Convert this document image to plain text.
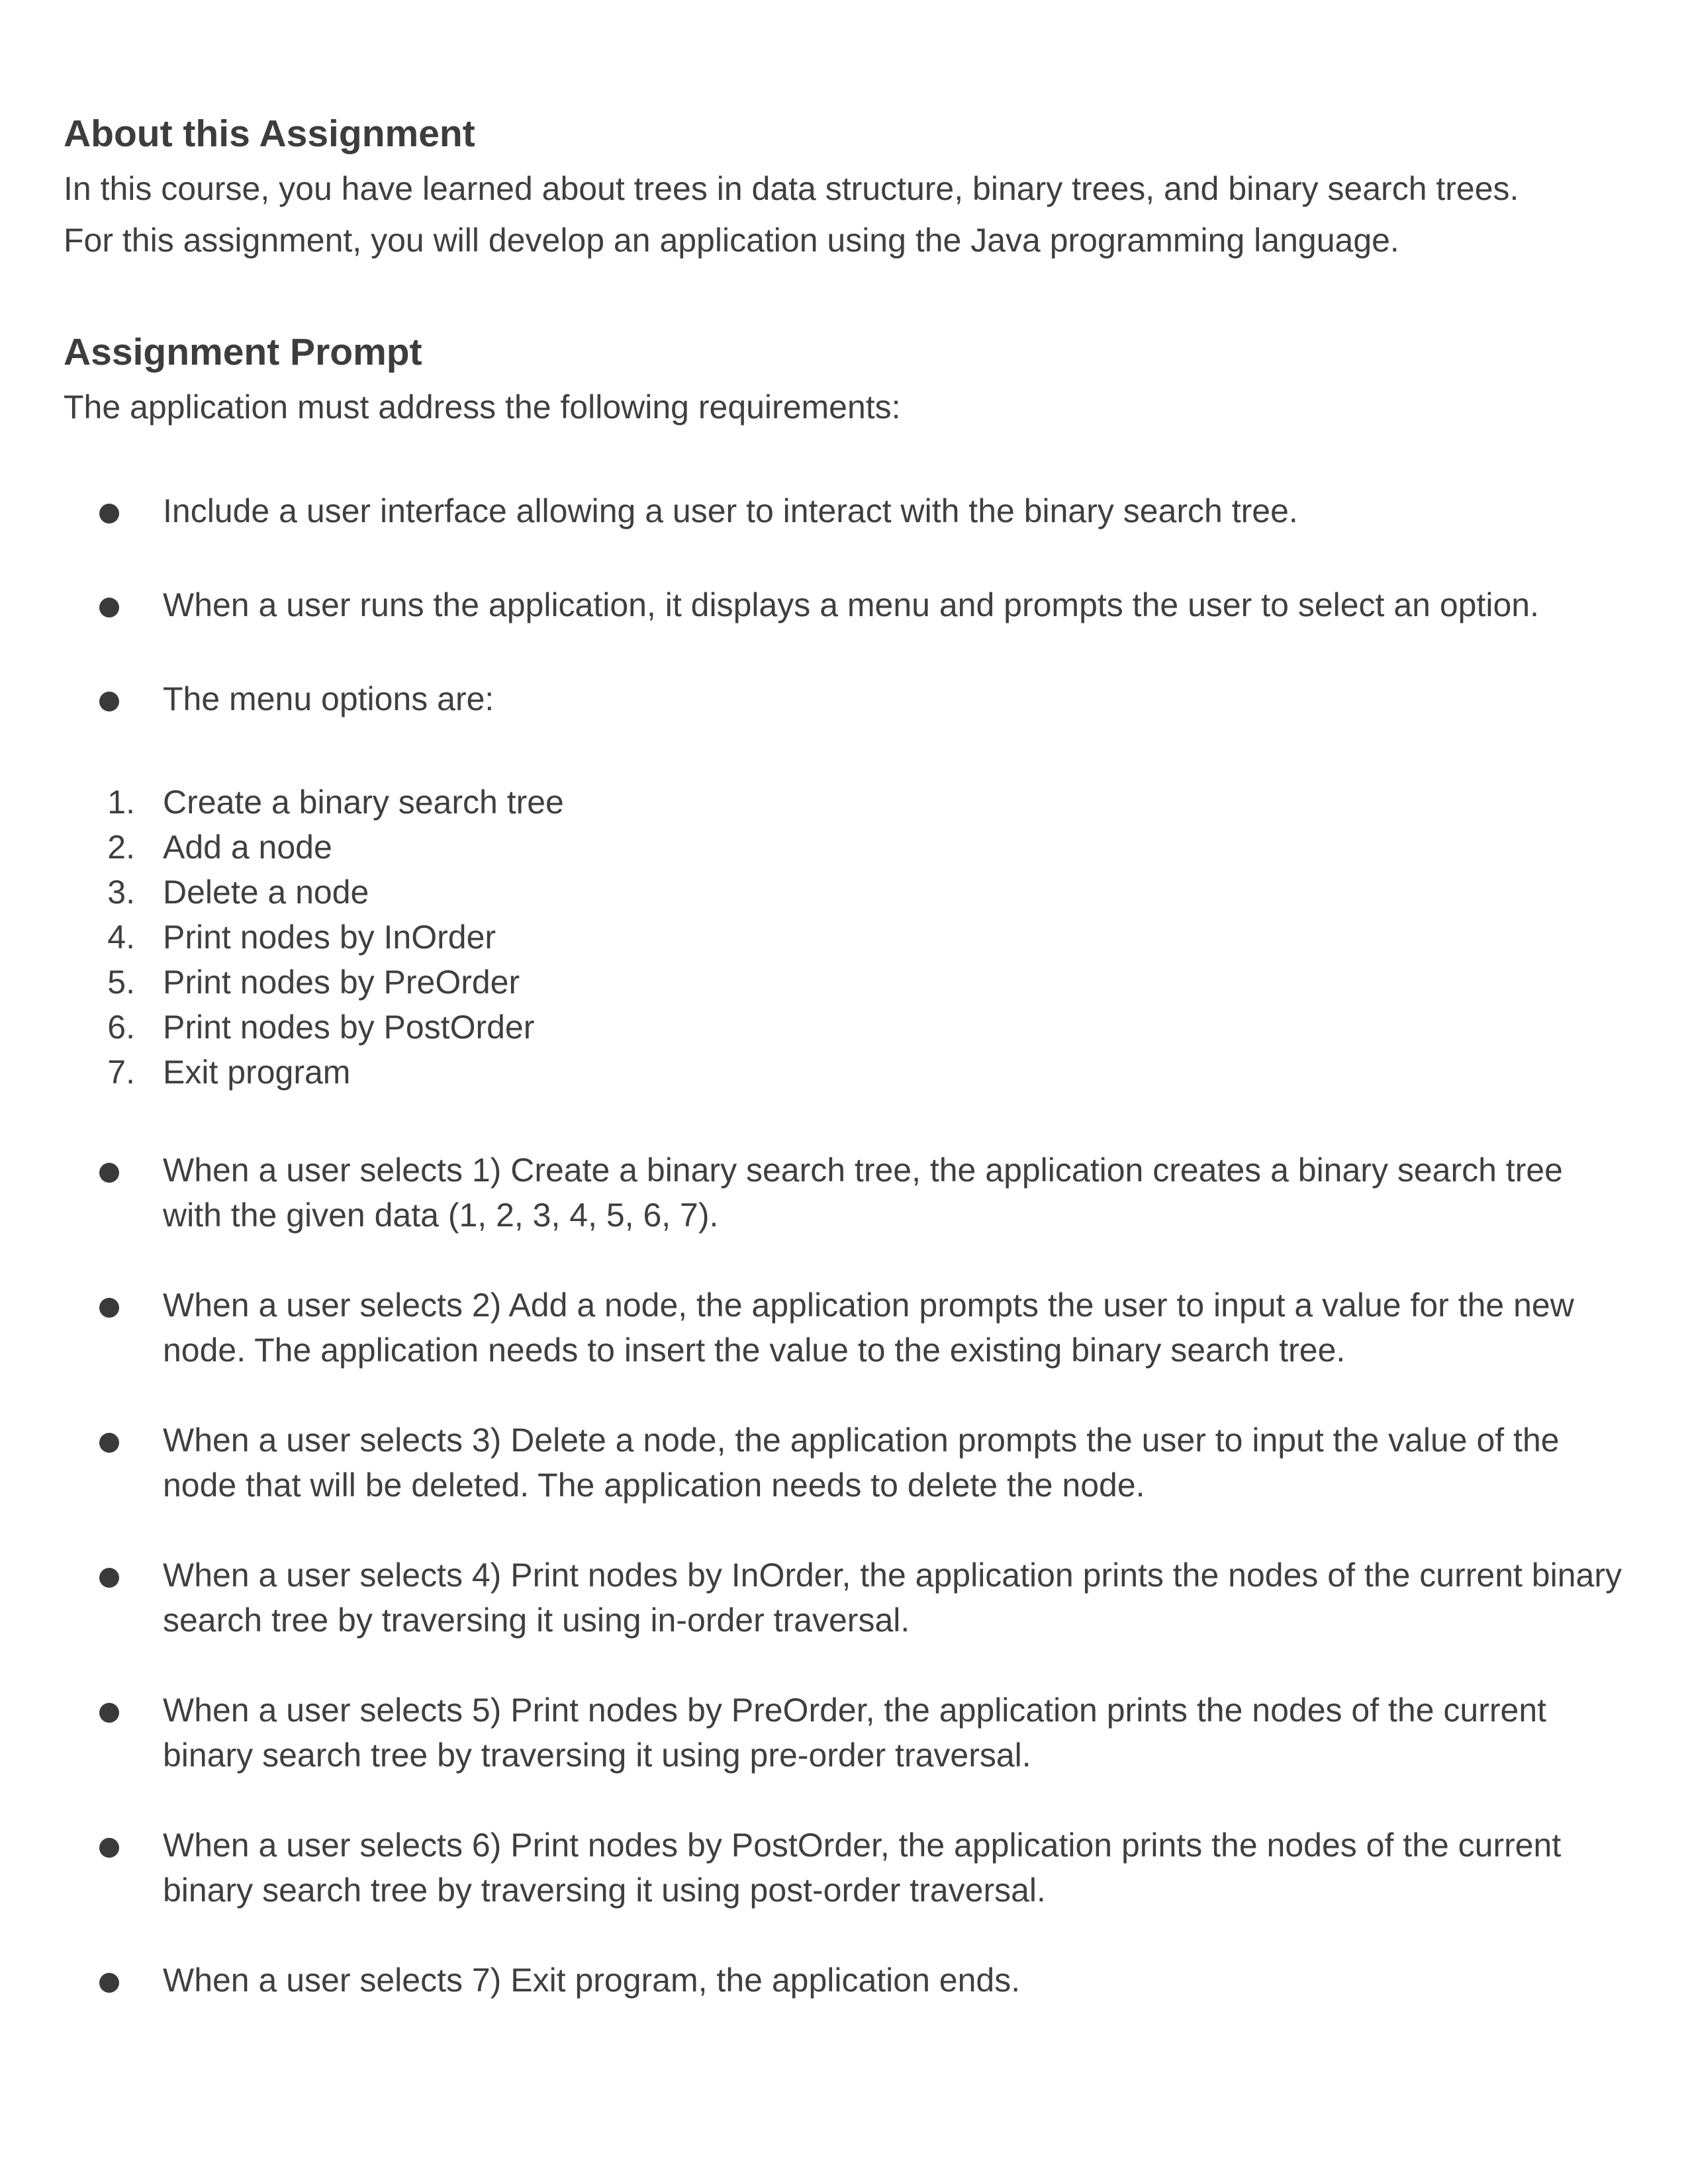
About this Assignment

In this course, you have learned about trees in data structure, binary trees, and binary search trees.

For this assignment, you will develop an application using the Java programming language.

Assignment Prompt

The application must address the following requirements:

Include a user interface allowing a user to interact with the binary search tree.
When a user runs the application, it displays a menu and prompts the user to select an option.
The menu options are:
1. Create a binary search tree
2. Add a node
3. Delete a node
4. Print nodes by InOrder
5. Print nodes by PreOrder
6. Print nodes by PostOrder
7. Exit program
When a user selects 1) Create a binary search tree, the application creates a binary search tree with the given data (1, 2, 3, 4, 5, 6, 7).
When a user selects 2) Add a node, the application prompts the user to input a value for the new node. The application needs to insert the value to the existing binary search tree.
When a user selects 3) Delete a node, the application prompts the user to input the value of the node that will be deleted. The application needs to delete the node.
When a user selects 4) Print nodes by InOrder, the application prints the nodes of the current binary search tree by traversing it using in-order traversal.
When a user selects 5) Print nodes by PreOrder, the application prints the nodes of the current binary search tree by traversing it using pre-order traversal.
When a user selects 6) Print nodes by PostOrder, the application prints the nodes of the current binary search tree by traversing it using post-order traversal.
When a user selects 7) Exit program, the application ends.
